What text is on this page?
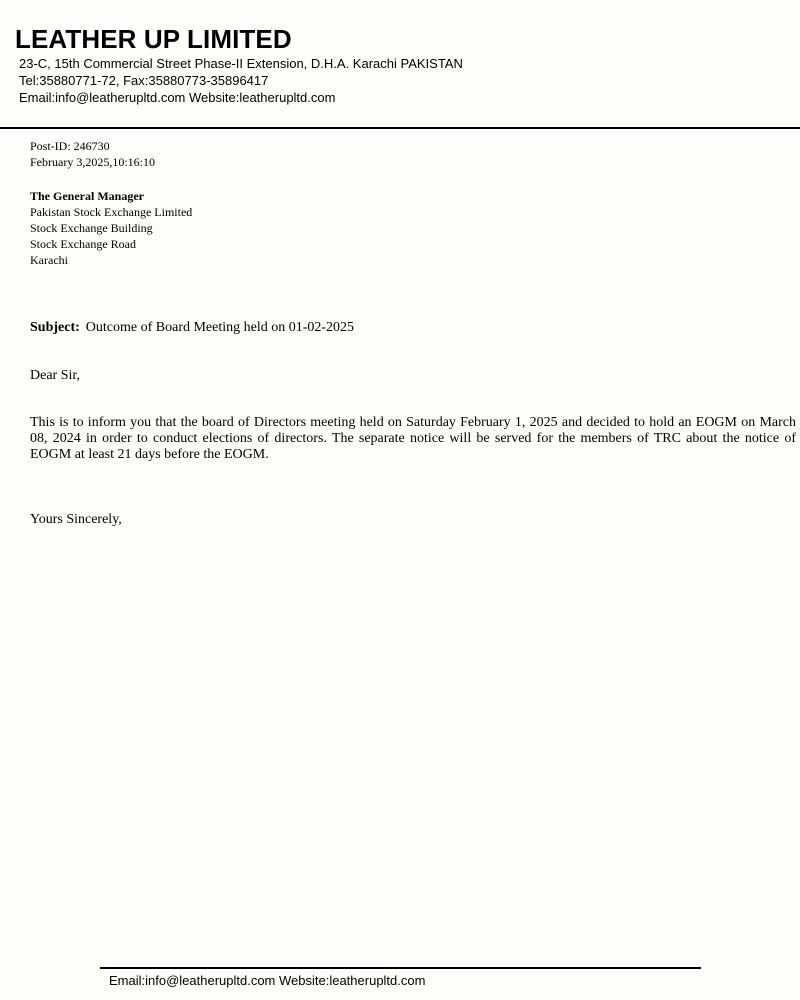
LEATHER UP LIMITED
23-C, 15th Commercial Street Phase-II Extension, D.H.A. Karachi PAKISTAN
Tel:35880771-72, Fax:35880773-35896417
Email:info@leatherupltd.com Website:leatherupltd.com
Post-ID: 246730
February 3,2025,10:16:10
The General Manager
Pakistan Stock Exchange Limited
Stock Exchange Building
Stock Exchange Road
Karachi
Subject: Outcome of Board Meeting held on 01-02-2025
Dear Sir,

This is to inform you that the board of Directors meeting held on Saturday February 1, 2025 and decided to hold an EOGM on March 08, 2024 in order to conduct elections of directors. The separate notice will be served for the members of TRC about the notice of EOGM at least 21 days before the EOGM.

Yours Sincerely,
Email:info@leatherupltd.com Website:leatherupltd.com
